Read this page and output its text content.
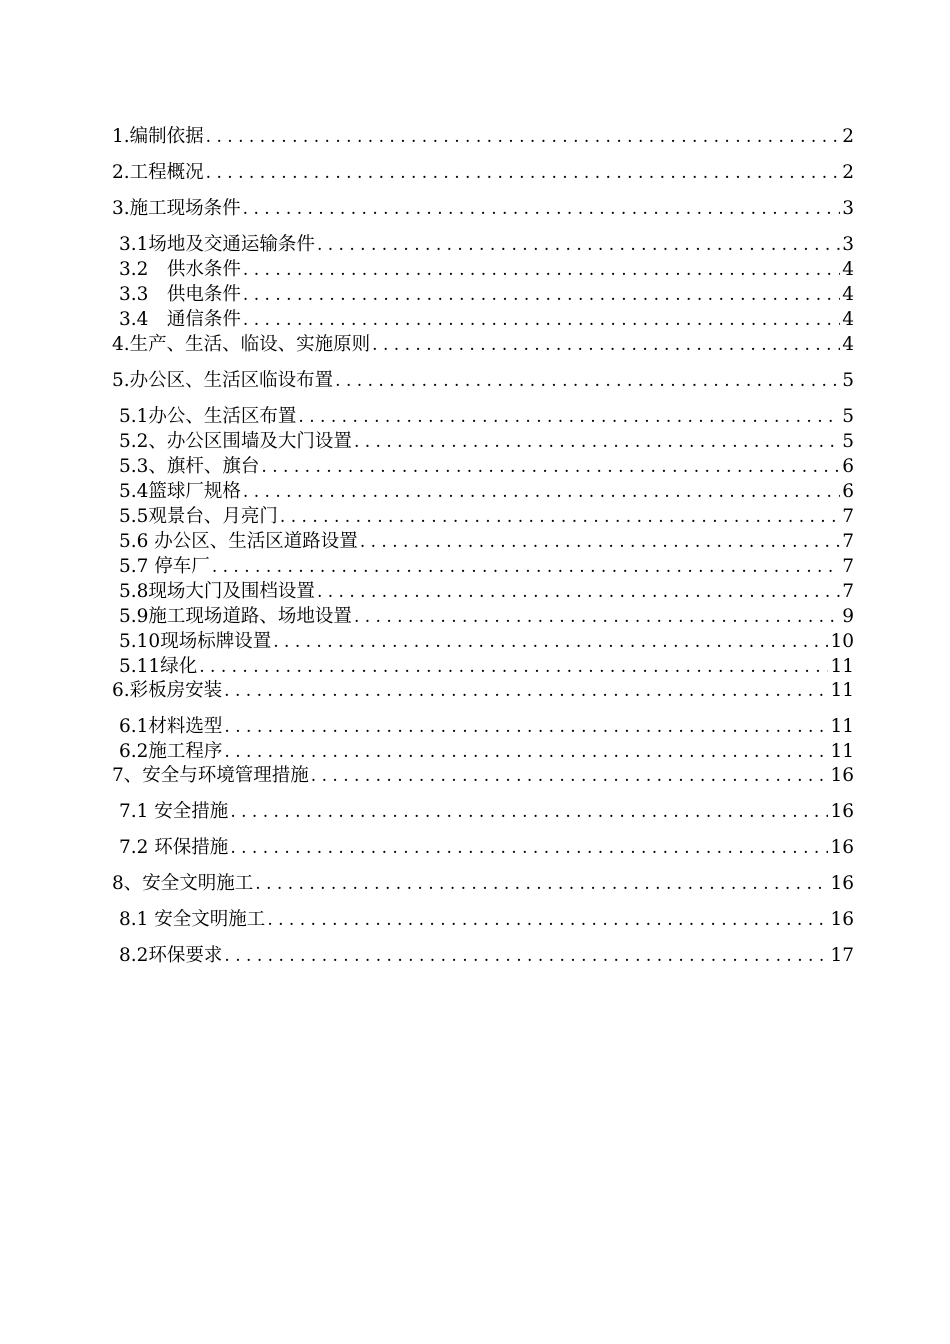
1.编制依据 . . .	2
2.工程概况 . . .	2
3.施工现场条件 . . .	3
3.1场地及交通运输条件 . . .	3
3.2　供水条件 . . .	4
3.3　供电条件 . . .	4
3.4　通信条件 . . .	4
4.生产、生活、临设、实施原则 . . .	4
5.办公区、生活区临设布置 . . .	5
5.1办公、生活区布置 . . .	5
5.2、办公区围墙及大门设置 . . .	5
5.3、旗杆、旗台 . . .	6
5.4篮球厂规格 . . .	6
5.5观景台、月亮门 . . .	7
5.6 办公区、生活区道路设置 . . .	7
5.7 停车厂 . . .	7
5.8现场大门及围档设置 . . .	7
5.9施工现场道路、场地设置 . . .	9
5.10现场标牌设置 . . .	10
5.11绿化 . . .	11
6.彩板房安装 . . .	11
6.1材料选型 . . .	11
6.2施工程序 . . .	11
7、安全与环境管理措施 . . .	16
7.1 安全措施 . . .	16
7.2 环保措施 . . .	16
8、安全文明施工 . . .	16
8.1 安全文明施工 . . .	16
8.2环保要求 . . .	17
